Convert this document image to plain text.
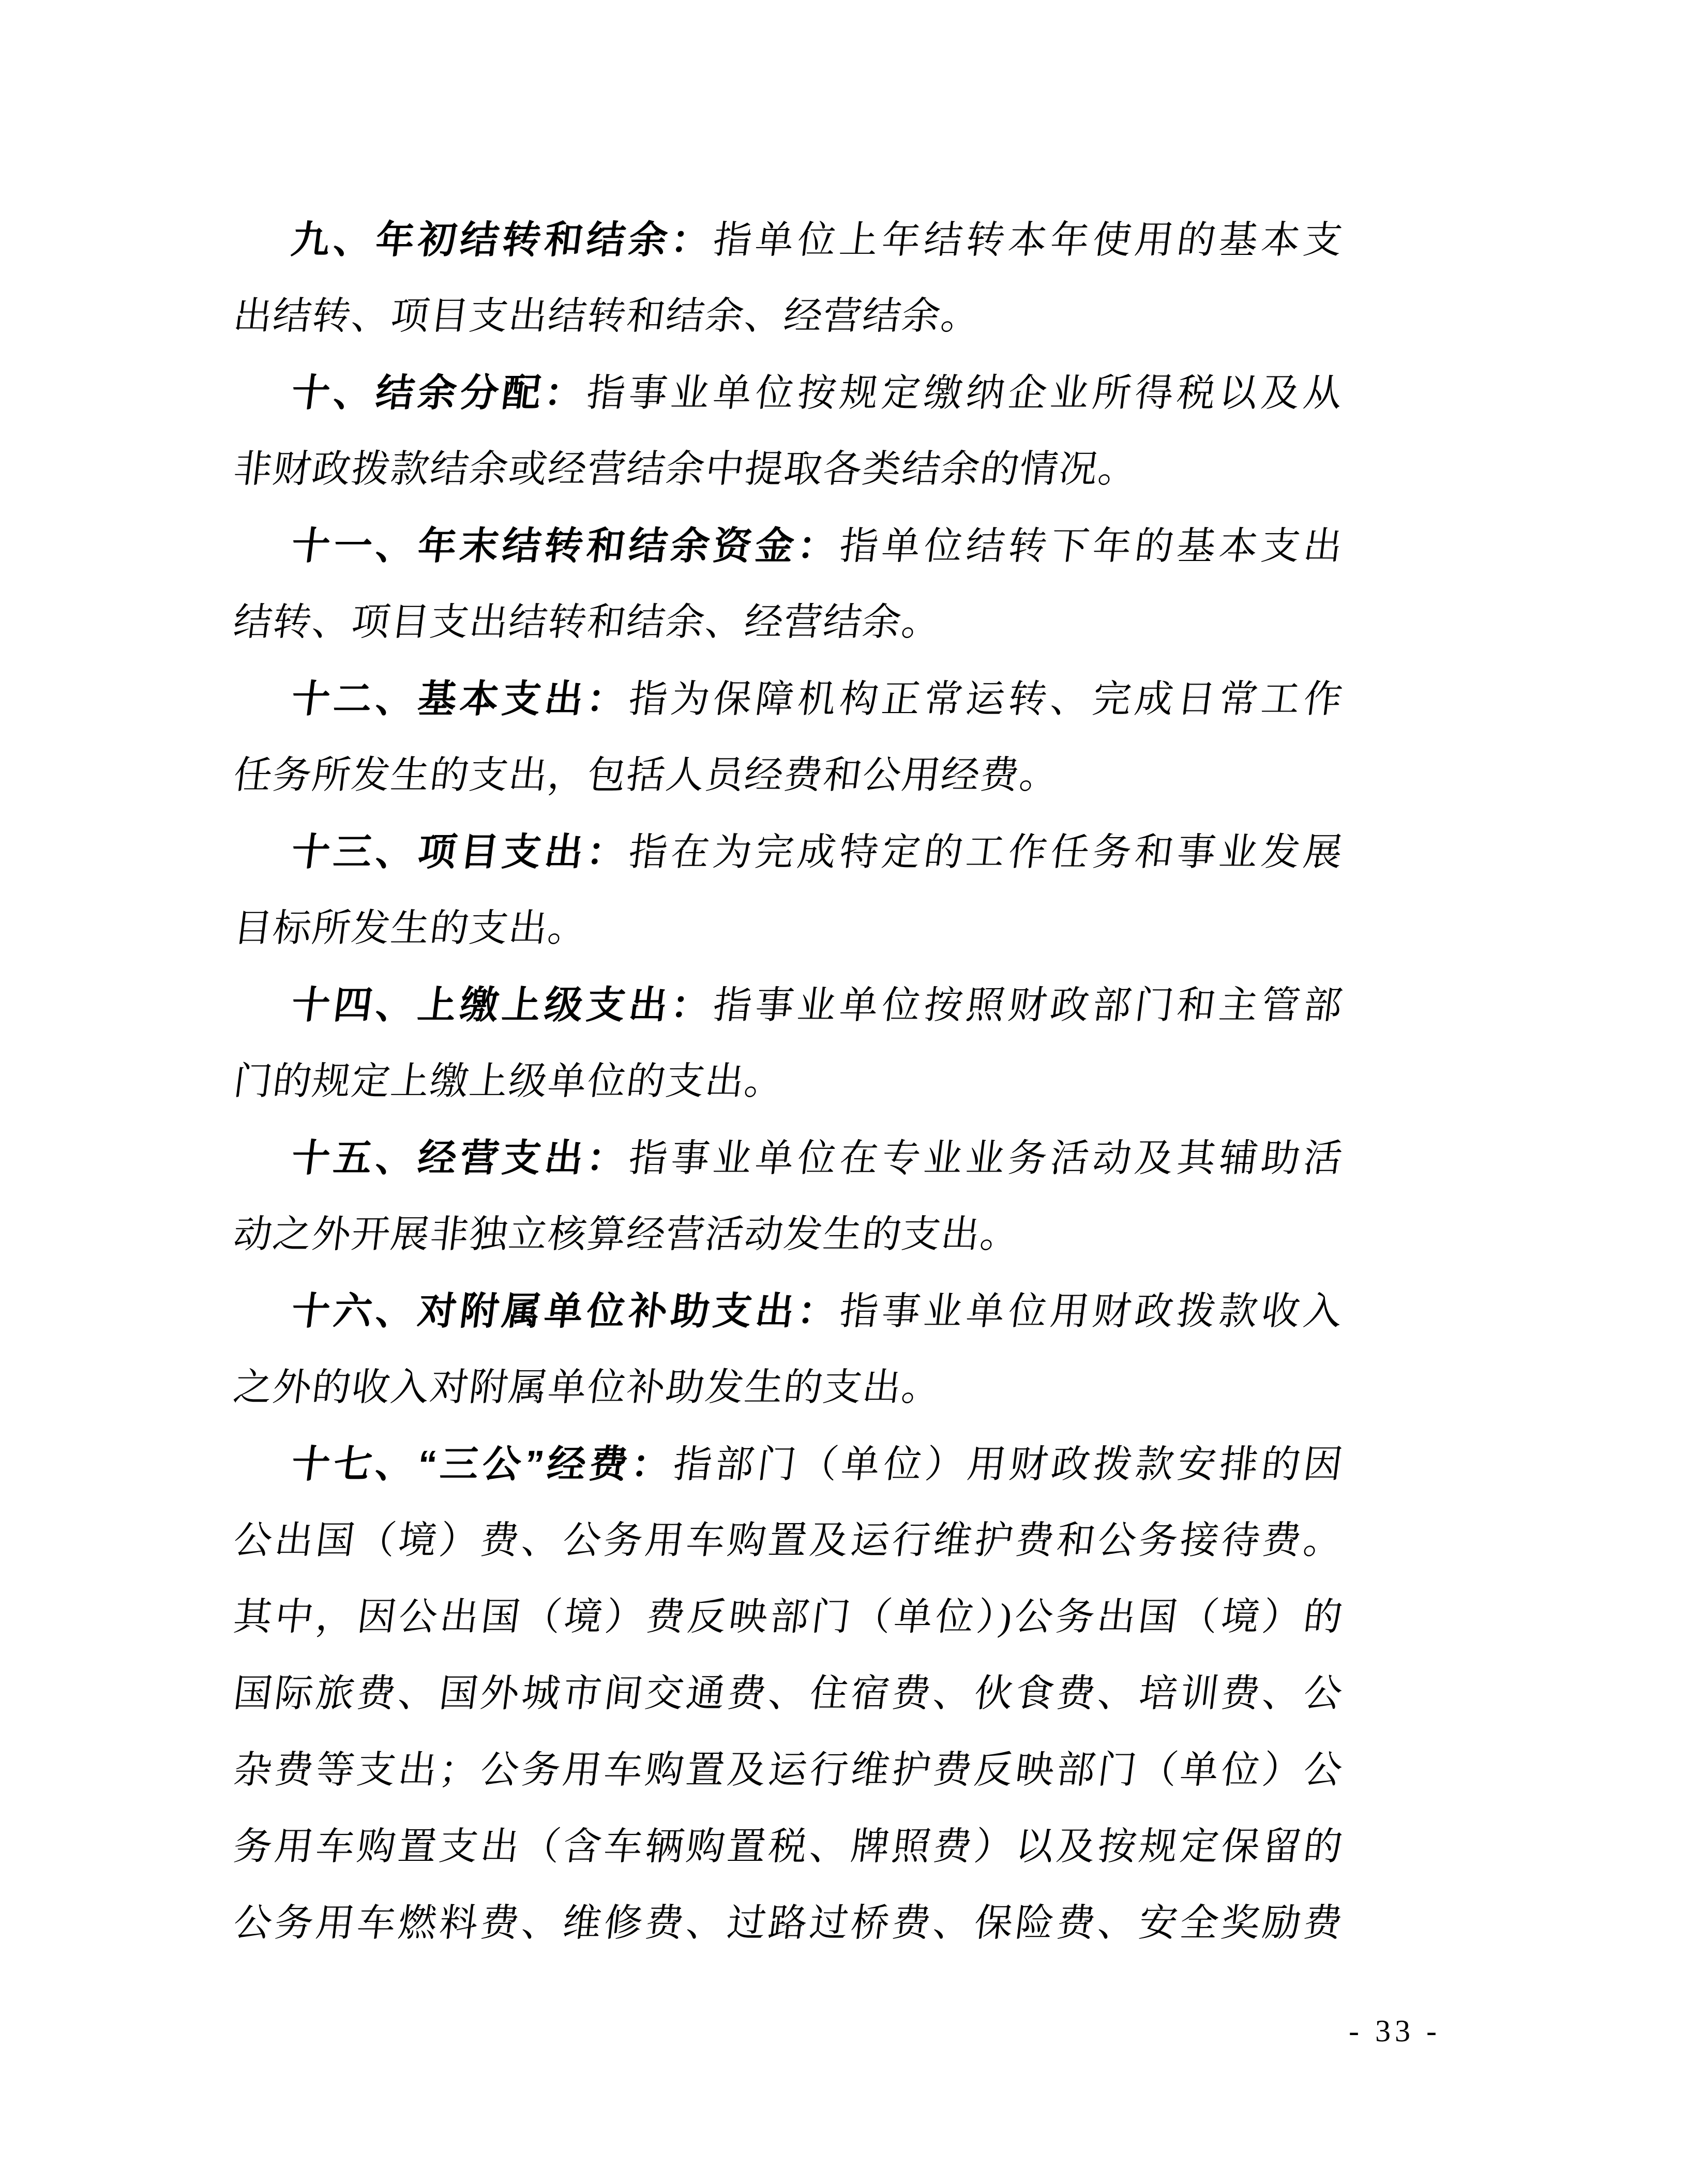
九、年初结转和结余：指单位上年结转本年使用的基本支
出结转、项目支出结转和结余、经营结余。
十、结余分配：指事业单位按规定缴纳企业所得税以及从
非财政拨款结余或经营结余中提取各类结余的情况。
十一、年末结转和结余资金：指单位结转下年的基本支出
结转、项目支出结转和结余、经营结余。
十二、基本支出：指为保障机构正常运转、完成日常工作
任务所发生的支出，包括人员经费和公用经费。
十三、项目支出：指在为完成特定的工作任务和事业发展
目标所发生的支出。
十四、上缴上级支出：指事业单位按照财政部门和主管部
门的规定上缴上级单位的支出。
十五、经营支出：指事业单位在专业业务活动及其辅助活
动之外开展非独立核算经营活动发生的支出。
十六、对附属单位补助支出：指事业单位用财政拨款收入
之外的收入对附属单位补助发生的支出。
十七、“三公”经费：指部门（单位）用财政拨款安排的因
公出国（境）费、公务用车购置及运行维护费和公务接待费。
其中，因公出国（境）费反映部门（单位）)公务出国（境）的
国际旅费、国外城市间交通费、住宿费、伙食费、培训费、公
杂费等支出；公务用车购置及运行维护费反映部门（单位）公
务用车购置支出（含车辆购置税、牌照费）以及按规定保留的
公务用车燃料费、维修费、过路过桥费、保险费、安全奖励费
- 33 -
